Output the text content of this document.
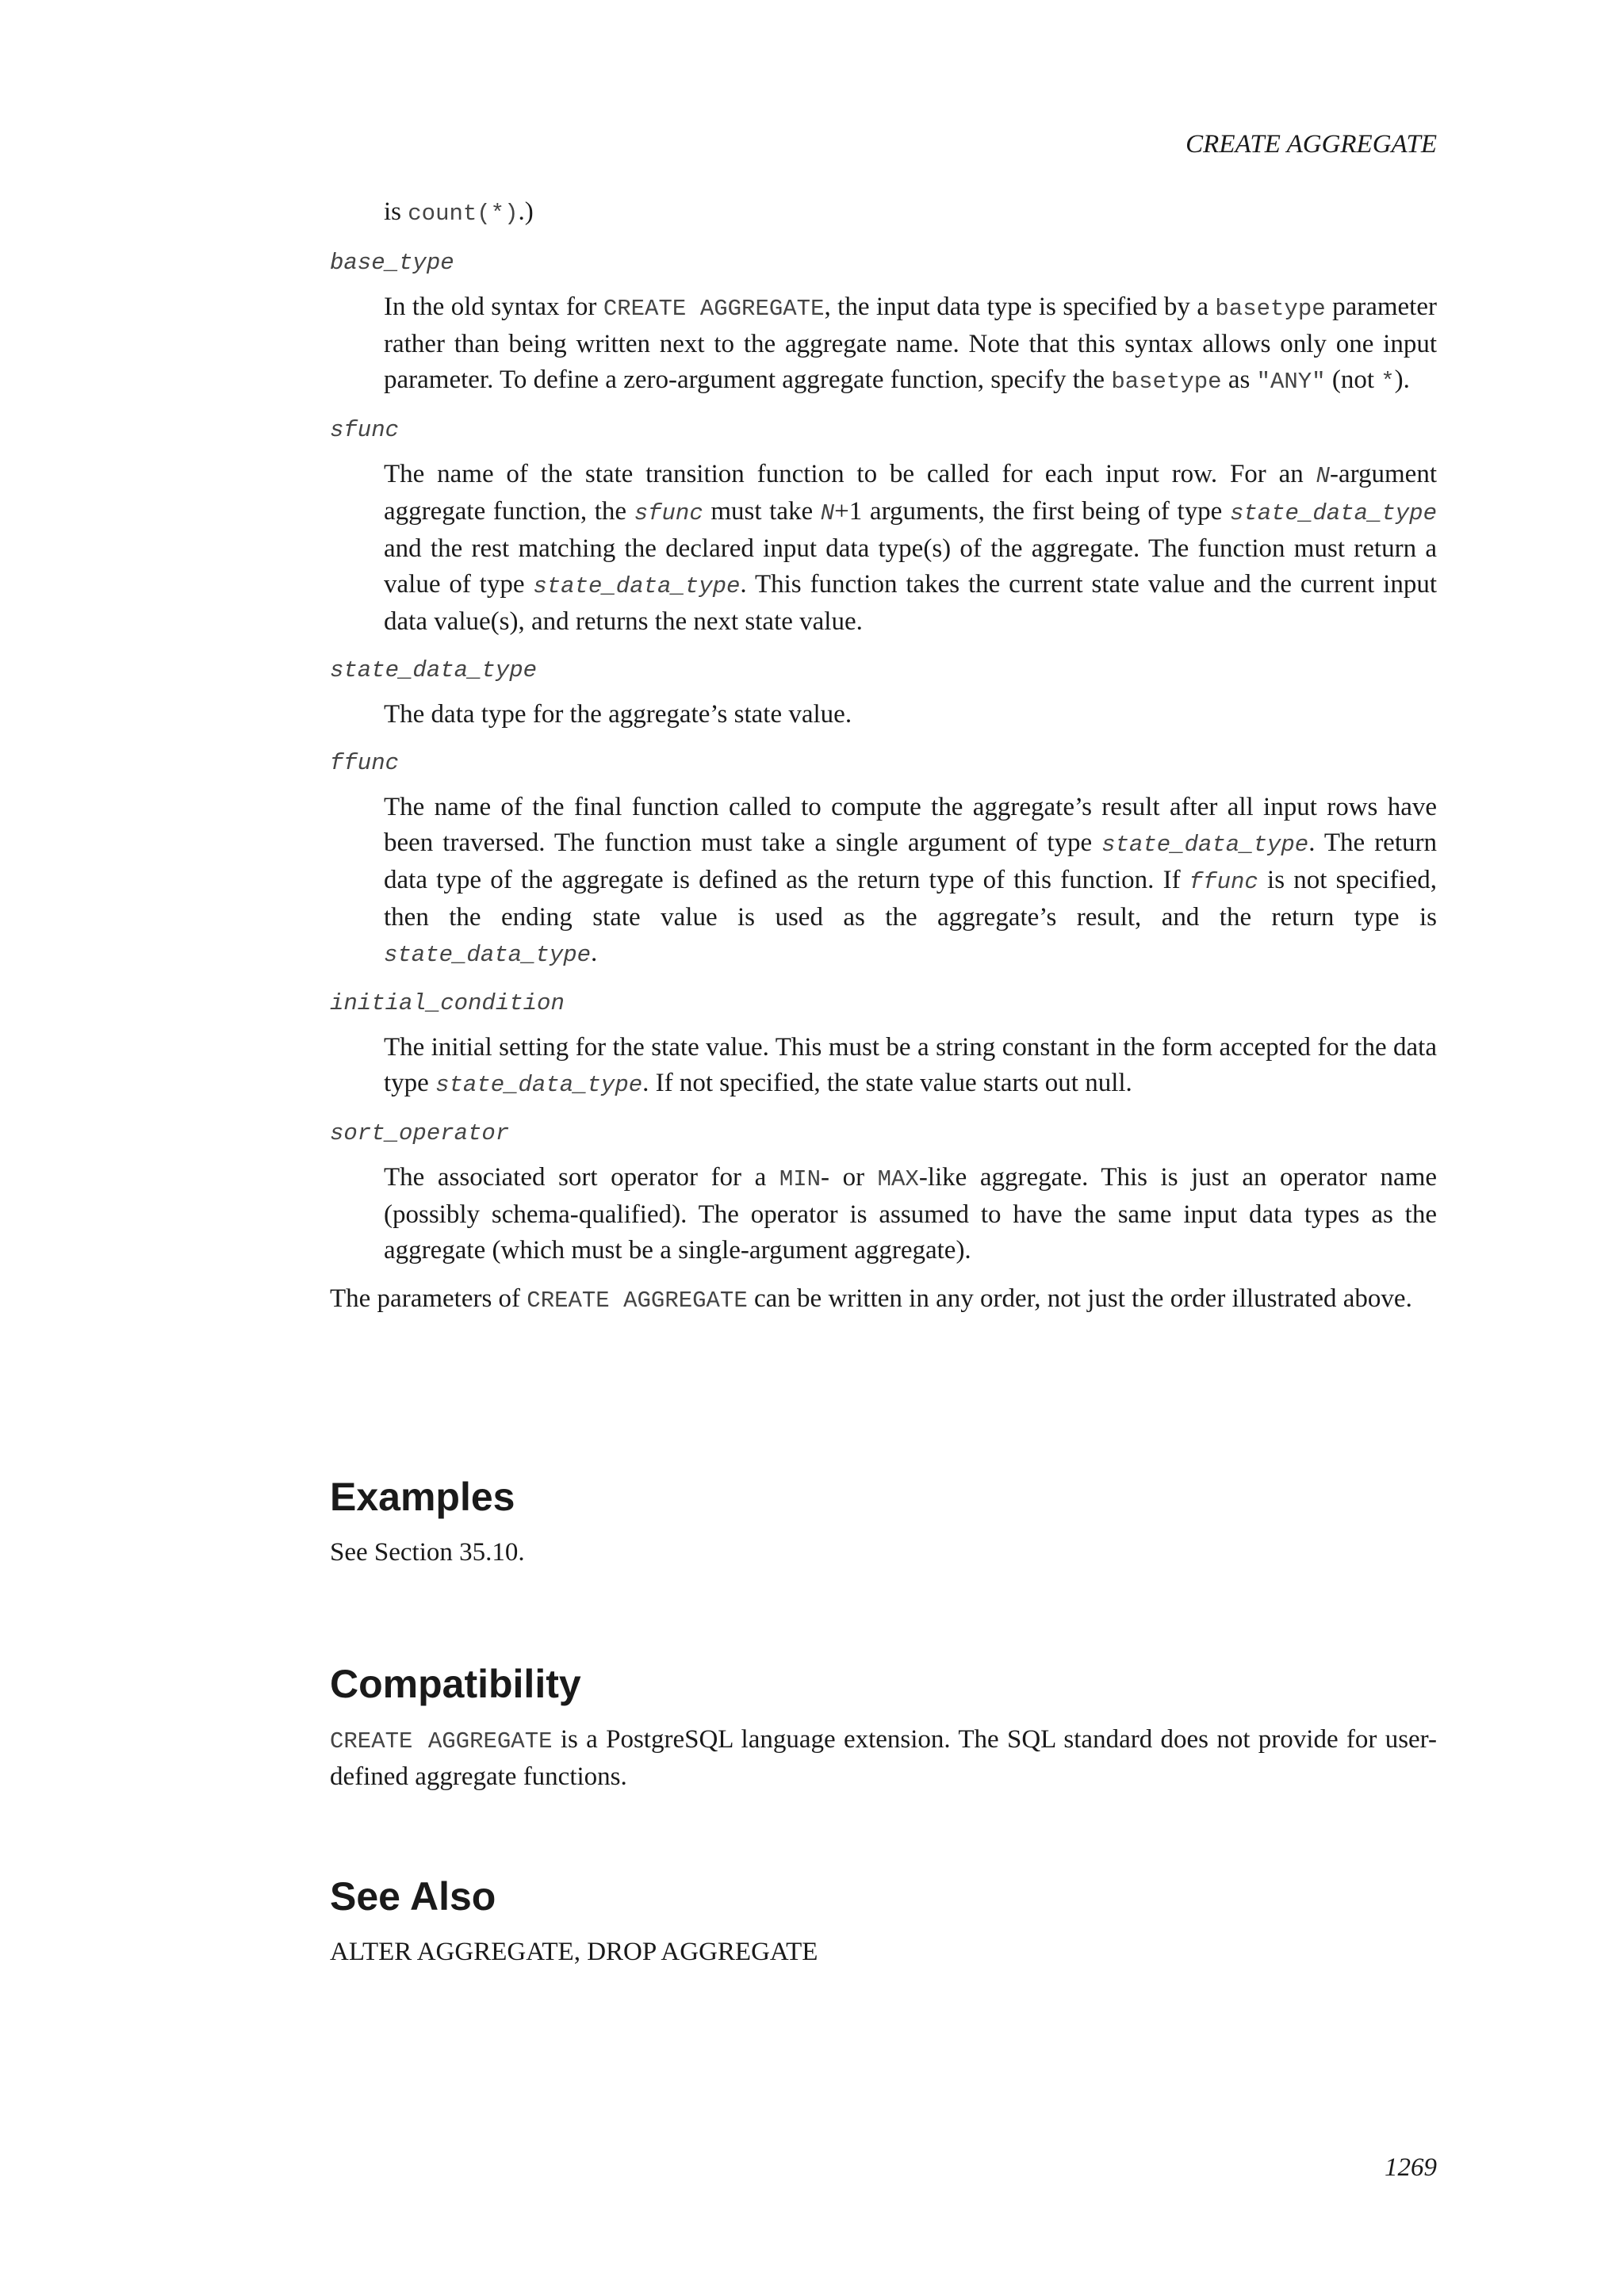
CREATE AGGREGATE
is count(*).)
base_type

In the old syntax for CREATE AGGREGATE, the input data type is specified by a basetype parameter rather than being written next to the aggregate name. Note that this syntax allows only one input parameter. To define a zero-argument aggregate function, specify the basetype as "ANY" (not *).

sfunc

The name of the state transition function to be called for each input row. For an N-argument aggregate function, the sfunc must take N+1 arguments, the first being of type state_data_type and the rest matching the declared input data type(s) of the aggregate. The function must return a value of type state_data_type. This function takes the current state value and the current input data value(s), and returns the next state value.

state_data_type

The data type for the aggregate’s state value.

ffunc

The name of the final function called to compute the aggregate’s result after all input rows have been traversed. The function must take a single argument of type state_data_type. The return data type of the aggregate is defined as the return type of this function. If ffunc is not specified, then the ending state value is used as the aggregate’s result, and the return type is state_data_type.

initial_condition

The initial setting for the state value. This must be a string constant in the form accepted for the data type state_data_type. If not specified, the state value starts out null.

sort_operator

The associated sort operator for a MIN- or MAX-like aggregate. This is just an operator name (possibly schema-qualified). The operator is assumed to have the same input data types as the aggregate (which must be a single-argument aggregate).

The parameters of CREATE AGGREGATE can be written in any order, not just the order illustrated above.

Examples

See Section 35.10.

Compatibility

CREATE AGGREGATE is a PostgreSQL language extension. The SQL standard does not provide for user-defined aggregate functions.

See Also

ALTER AGGREGATE, DROP AGGREGATE

1269
